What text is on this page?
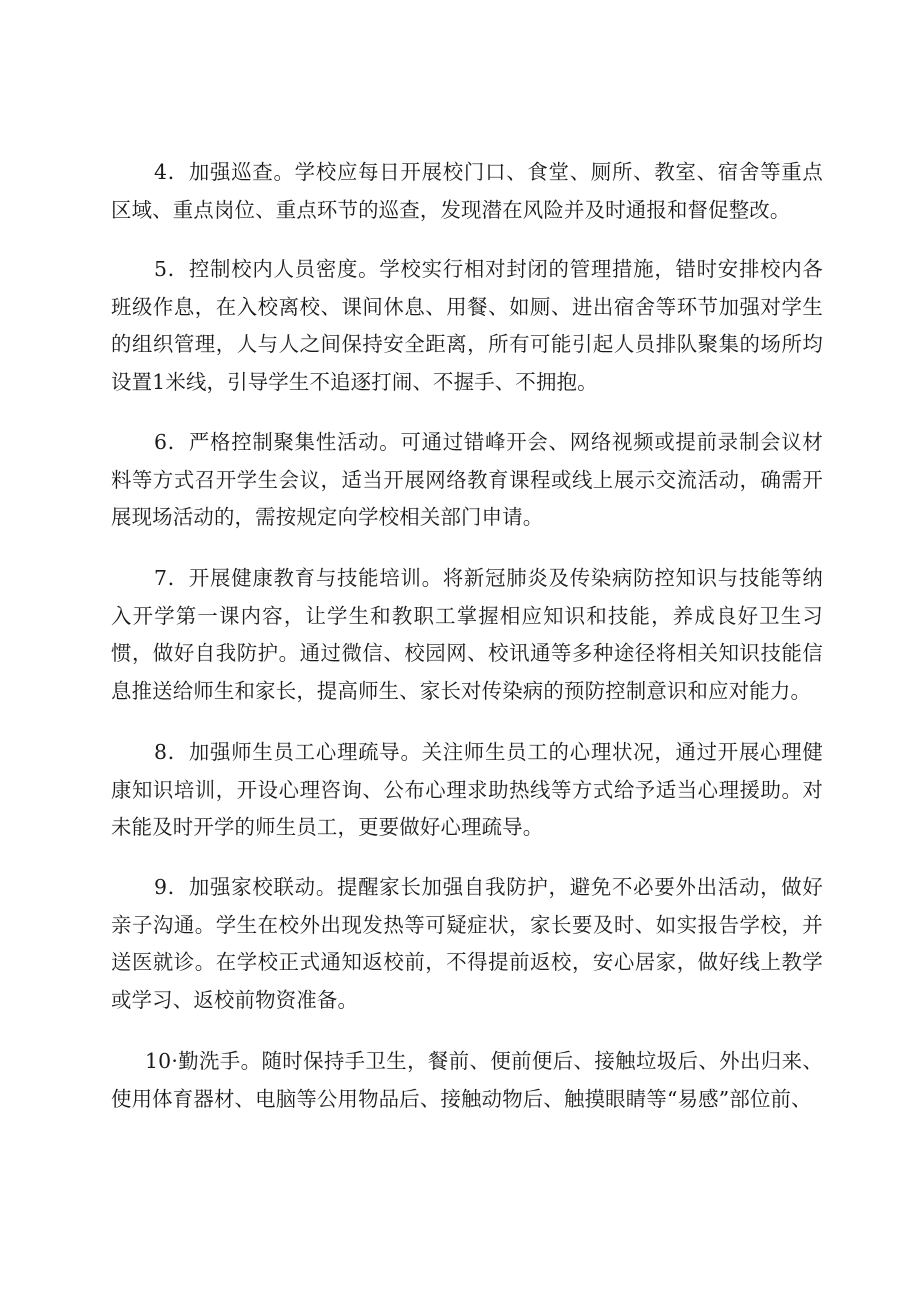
4．加强巡查。学校应每日开展校门口、食堂、厕所、教室、宿舍等重点区域、重点岗位、重点环节的巡查，发现潜在风险并及时通报和督促整改。

5．控制校内人员密度。学校实行相对封闭的管理措施，错时安排校内各班级作息，在入校离校、课间休息、用餐、如厕、进出宿舍等环节加强对学生的组织管理，人与人之间保持安全距离，所有可能引起人员排队聚集的场所均设置1米线，引导学生不追逐打闹、不握手、不拥抱。

6．严格控制聚集性活动。可通过错峰开会、网络视频或提前录制会议材料等方式召开学生会议，适当开展网络教育课程或线上展示交流活动，确需开展现场活动的，需按规定向学校相关部门申请。

7．开展健康教育与技能培训。将新冠肺炎及传染病防控知识与技能等纳入开学第一课内容，让学生和教职工掌握相应知识和技能，养成良好卫生习惯，做好自我防护。通过微信、校园网、校讯通等多种途径将相关知识技能信息推送给师生和家长，提高师生、家长对传染病的预防控制意识和应对能力。

8．加强师生员工心理疏导。关注师生员工的心理状况，通过开展心理健康知识培训，开设心理咨询、公布心理求助热线等方式给予适当心理援助。对未能及时开学的师生员工，更要做好心理疏导。

9．加强家校联动。提醒家长加强自我防护，避免不必要外出活动，做好亲子沟通。学生在校外出现发热等可疑症状，家长要及时、如实报告学校，并送医就诊。在学校正式通知返校前，不得提前返校，安心居家，做好线上教学或学习、返校前物资准备。

10·勤洗手。随时保持手卫生，餐前、便前便后、接触垃圾后、外出归来、使用体育器材、电脑等公用物品后、接触动物后、触摸眼睛等“易感”部位前、
